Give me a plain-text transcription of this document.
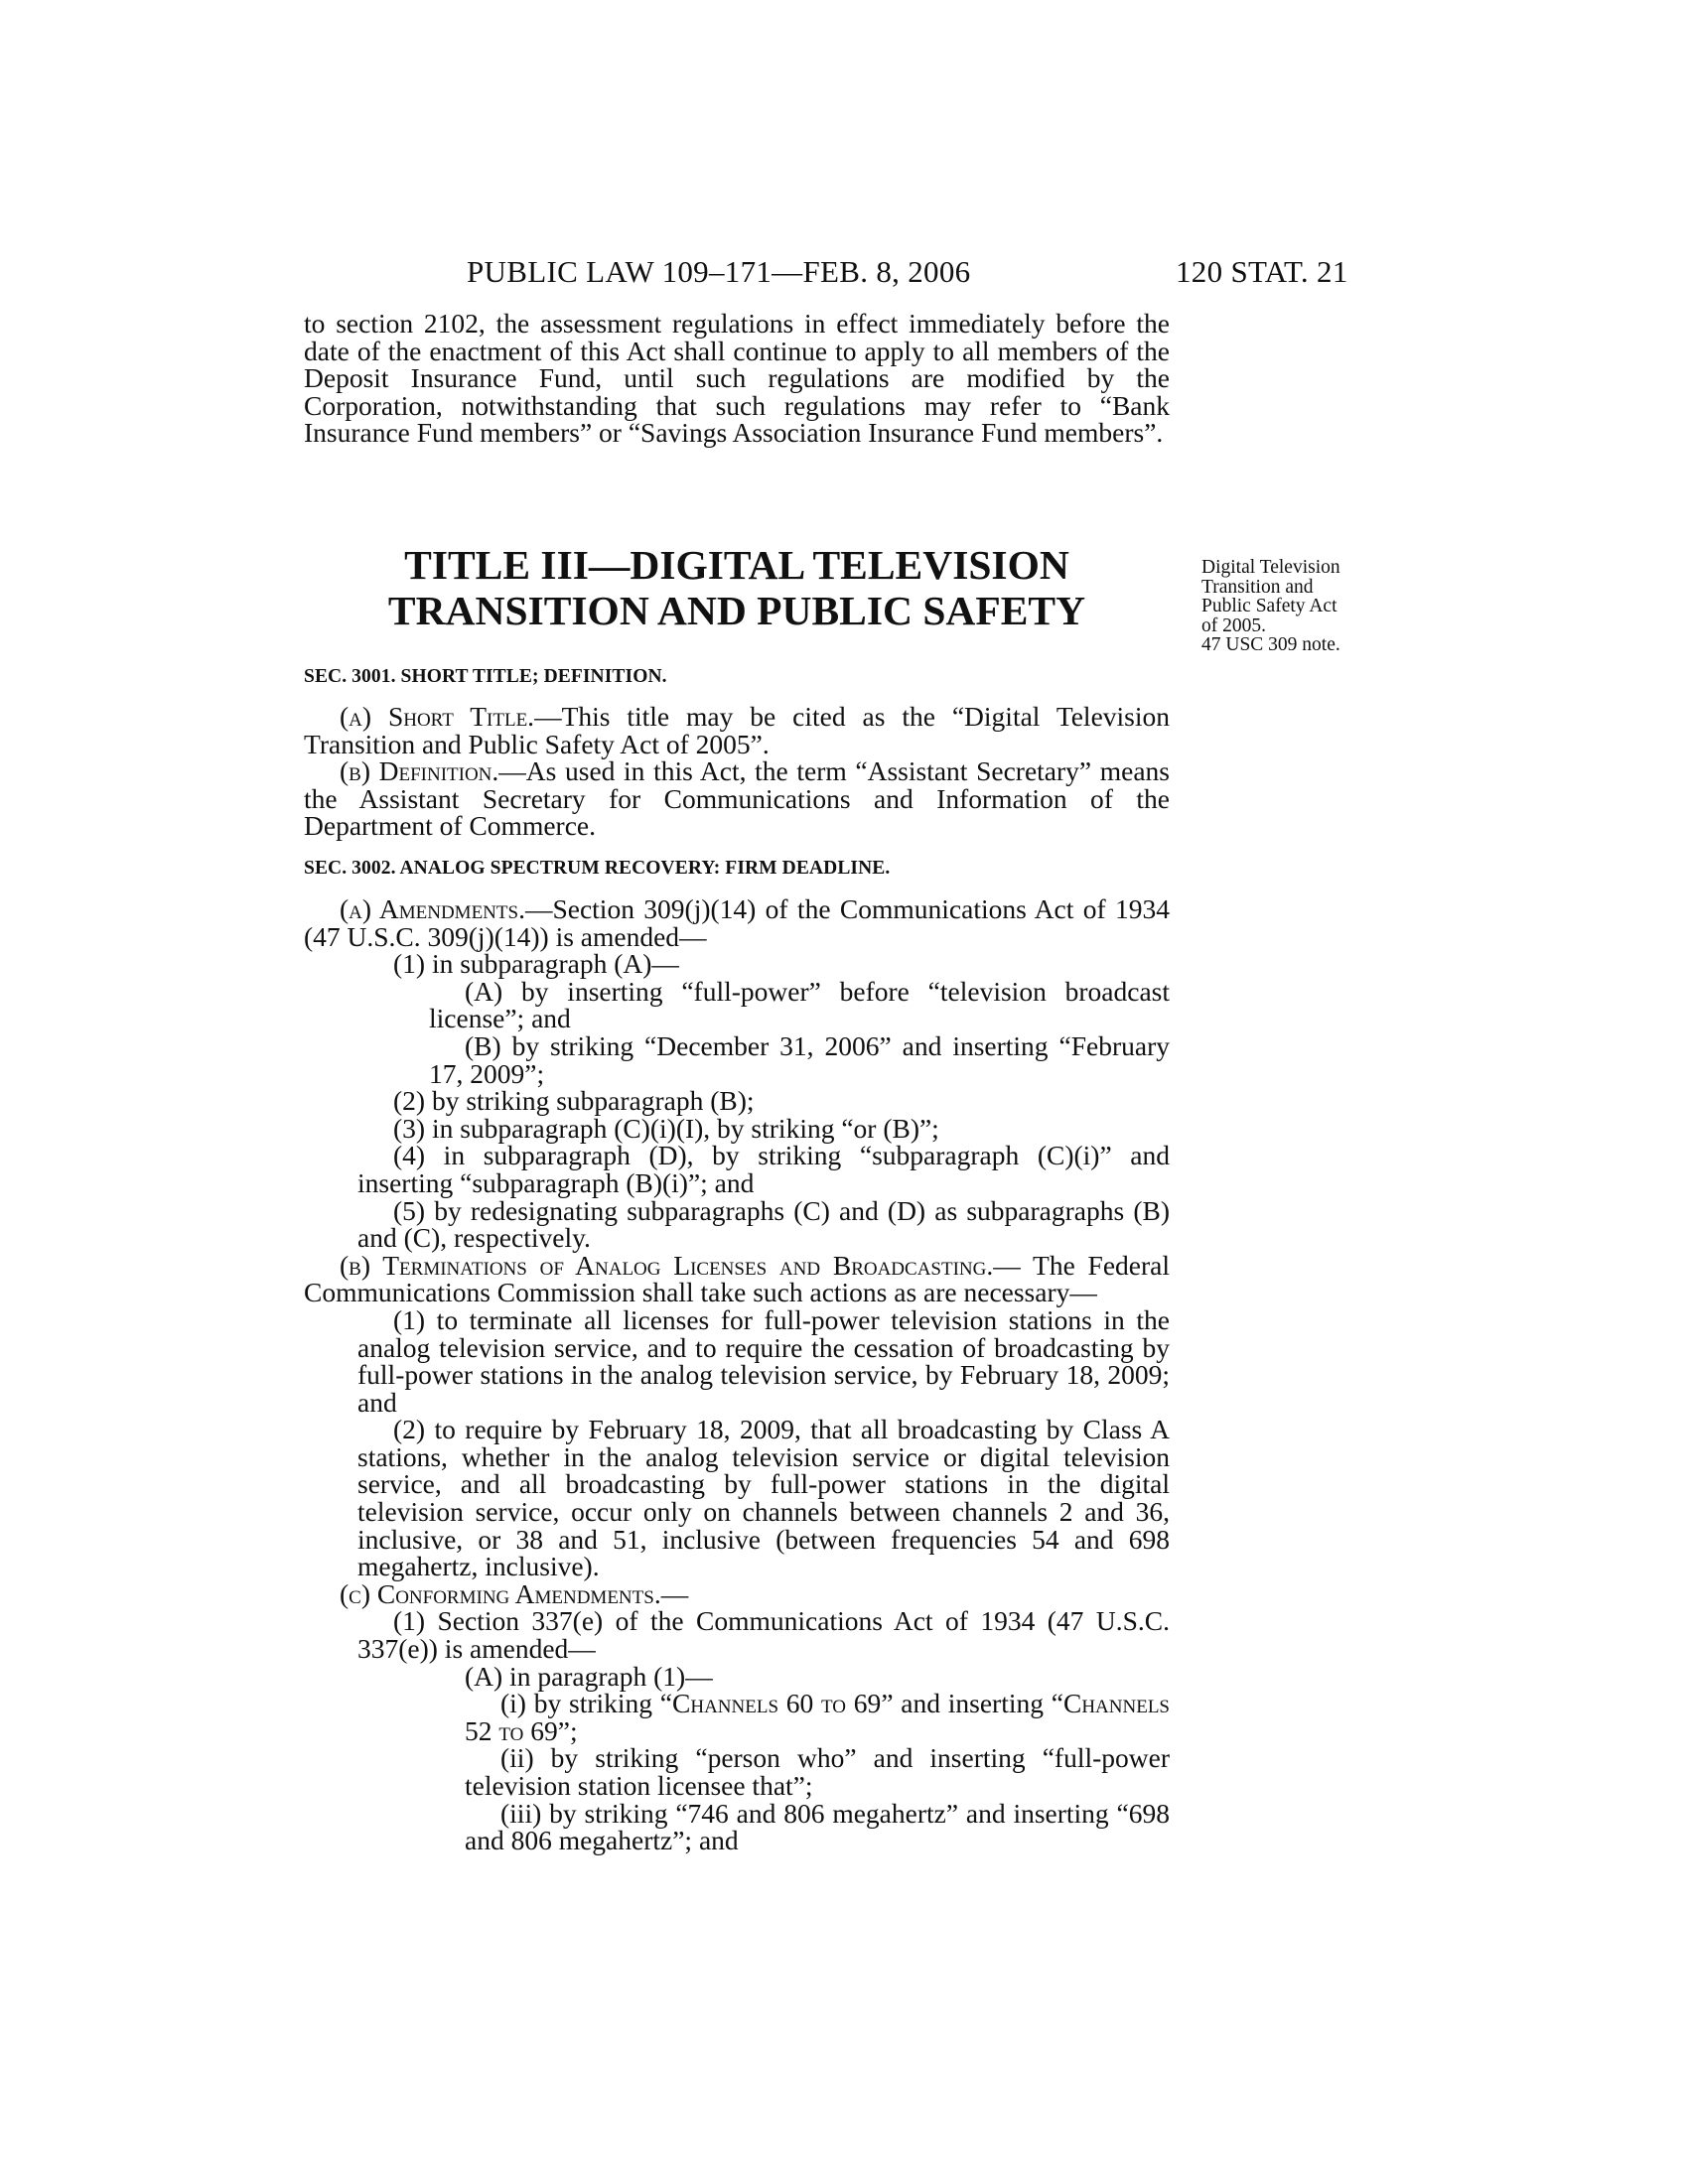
PUBLIC LAW 109–171—FEB. 8, 2006	120 STAT. 21

to section 2102, the assessment regulations in effect immediately before the date of the enactment of this Act shall continue to apply to all members of the Deposit Insurance Fund, until such regulations are modified by the Corporation, notwithstanding that such regulations may refer to “Bank Insurance Fund members” or “Savings Association Insurance Fund members”.

TITLE III—DIGITAL TELEVISION
TRANSITION AND PUBLIC SAFETY
Digital Television
Transition and
Public Safety Act
of 2005.
47 USC 309 note.
SEC. 3001. SHORT TITLE; DEFINITION.

(a) Short Title.—This title may be cited as the “Digital Television Transition and Public Safety Act of 2005”.

(b) Definition.—As used in this Act, the term “Assistant Secretary” means the Assistant Secretary for Communications and Information of the Department of Commerce.

SEC. 3002. ANALOG SPECTRUM RECOVERY: FIRM DEADLINE.

(a) Amendments.—Section 309(j)(14) of the Communications Act of 1934 (47 U.S.C. 309(j)(14)) is amended—

(1) in subparagraph (A)—

(A) by inserting “full-power” before “television broadcast license”; and

(B) by striking “December 31, 2006” and inserting “February 17, 2009”;

(2) by striking subparagraph (B);

(3) in subparagraph (C)(i)(I), by striking “or (B)”;

(4) in subparagraph (D), by striking “subparagraph (C)(i)” and inserting “subparagraph (B)(i)”; and

(5) by redesignating subparagraphs (C) and (D) as subparagraphs (B) and (C), respectively.

(b) Terminations of Analog Licenses and Broadcasting.— The Federal Communications Commission shall take such actions as are necessary—

(1) to terminate all licenses for full-power television stations in the analog television service, and to require the cessation of broadcasting by full-power stations in the analog television service, by February 18, 2009; and

(2) to require by February 18, 2009, that all broadcasting by Class A stations, whether in the analog television service or digital television service, and all broadcasting by full-power stations in the digital television service, occur only on channels between channels 2 and 36, inclusive, or 38 and 51, inclusive (between frequencies 54 and 698 megahertz, inclusive).

(c) Conforming Amendments.—

(1) Section 337(e) of the Communications Act of 1934 (47 U.S.C. 337(e)) is amended—

(A) in paragraph (1)—

(i) by striking “Channels 60 to 69” and inserting “Channels 52 to 69”;

(ii) by striking “person who” and inserting “full-power television station licensee that”;

(iii) by striking “746 and 806 megahertz” and inserting “698 and 806 megahertz”; and
